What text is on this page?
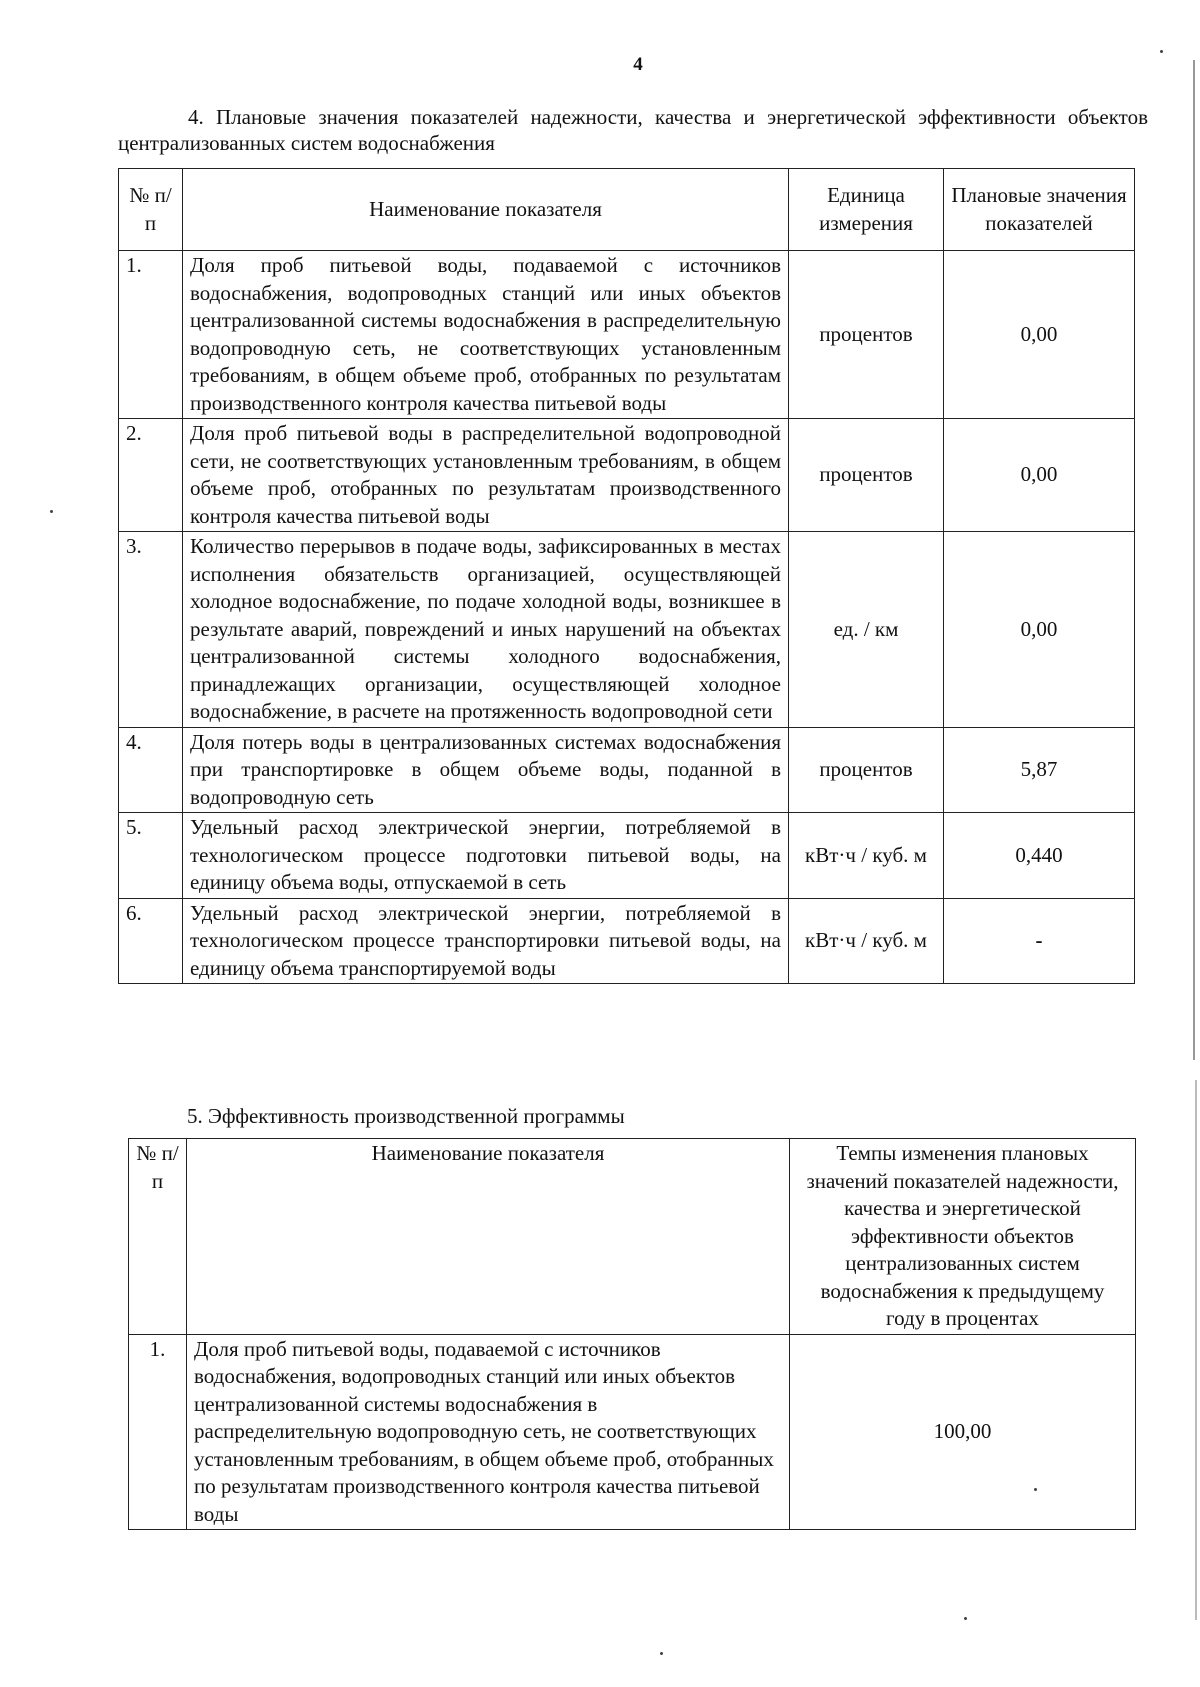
4
4. Плановые значения показателей надежности, качества и энергетической эффективности объектов централизованных систем водоснабжения
№ п/п	Наименование показателя	Единица измерения	Плановые значения показателей
1.	Доля проб питьевой воды, подаваемой с источников водоснабжения, водопроводных станций или иных объектов централизованной системы водоснабжения в распределительную водопроводную сеть, не соответствующих установленным требованиям, в общем объеме проб, отобранных по результатам производственного контроля качества питьевой воды	процентов	0,00
2.	Доля проб питьевой воды в распределительной водопроводной сети, не соответствующих установленным требованиям, в общем объеме проб, отобранных по результатам производственного контроля качества питьевой воды	процентов	0,00
3.	Количество перерывов в подаче воды, зафиксированных в местах исполнения обязательств организацией, осуществляющей холодное водоснабжение, по подаче холодной воды, возникшее в результате аварий, повреждений и иных нарушений на объектах централизованной системы холодного водоснабжения, принадлежащих организации, осуществляющей холодное водоснабжение, в расчете на протяженность водопроводной сети	ед. / км	0,00
4.	Доля потерь воды в централизованных системах водоснабжения при транспортировке в общем объеме воды, поданной в водопроводную сеть	процентов	5,87
5.	Удельный расход электрической энергии, потребляемой в технологическом процессе подготовки питьевой воды, на единицу объема воды, отпускаемой в сеть	кВт·ч / куб. м	0,440
6.	Удельный расход электрической энергии, потребляемой в технологическом процессе транспортировки питьевой воды, на единицу объема транспортируемой воды	кВт·ч / куб. м	-
5. Эффективность производственной программы
№ п/п	Наименование показателя	Темпы изменения плановых значений показателей надежности, качества и энергетической эффективности объектов централизованных систем водоснабжения к предыдущему году в процентах
1.	Доля проб питьевой воды, подаваемой с источников водоснабжения, водопроводных станций или иных объектов централизованной системы водоснабжения в распределительную водопроводную сеть, не соответствующих установленным требованиям, в общем объеме проб, отобранных по результатам производственного контроля качества питьевой воды	100,00
